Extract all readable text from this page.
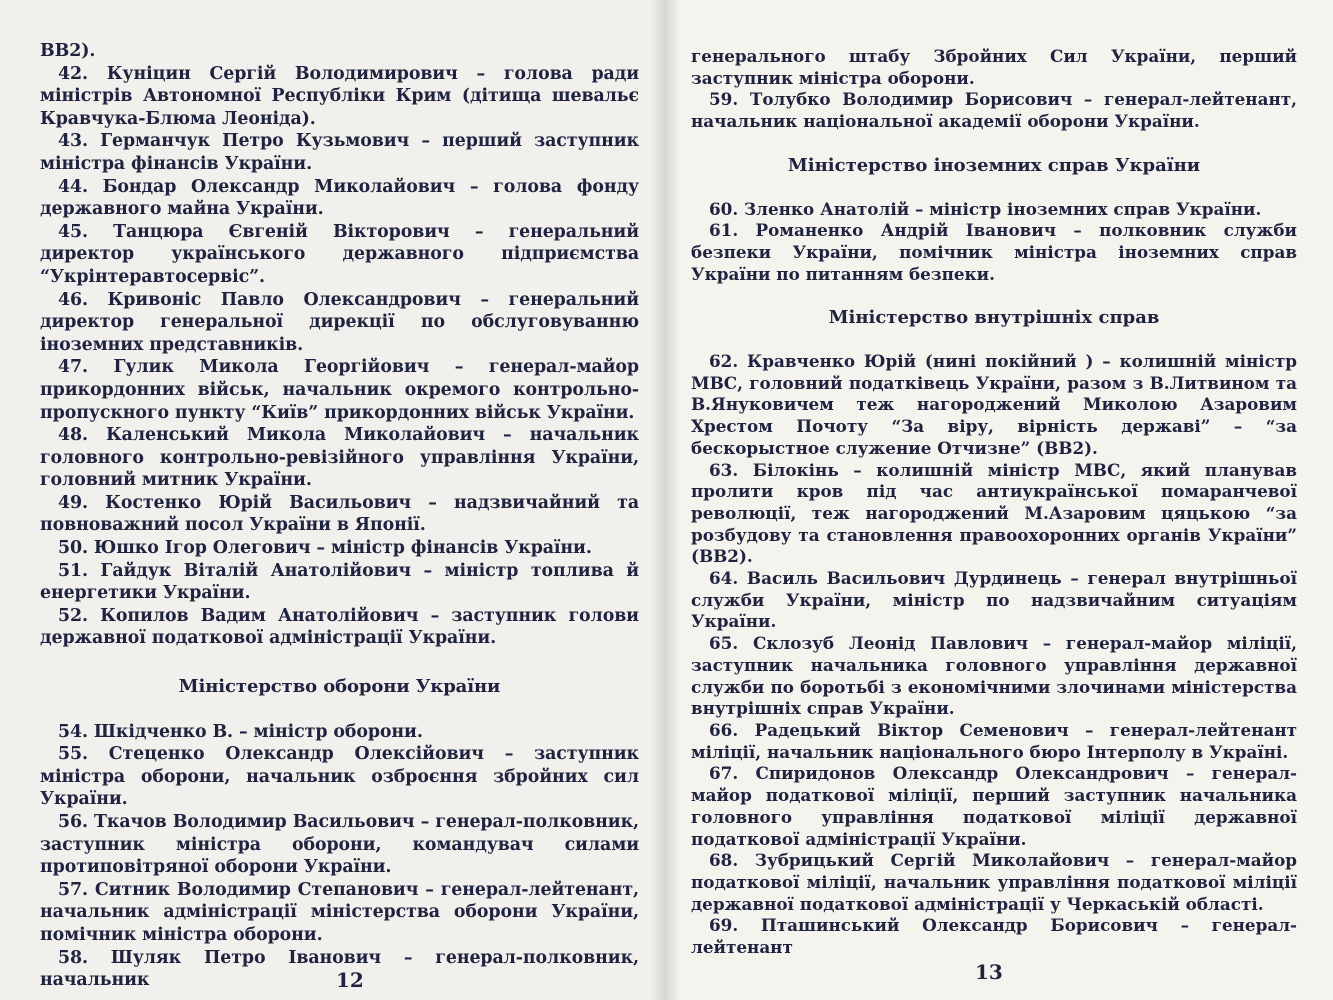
ВВ2).

42. Куніцин Сергій Володимирович – голова ради міністрів Автономної Республіки Крим (дітища шевальє Кравчука-Блюма Леоніда).

43. Германчук Петро Кузьмович – перший заступник міністра фінансів України.

44. Бондар Олександр Миколайович – голова фонду державного майна України.

45. Танцюра Євгеній Вікторович – генеральний директор українського державного підприємства “Укрінтеравтосервіс”.

46. Кривоніс Павло Олександрович – генеральний директор генеральної дирекції по обслуговуванню іноземних представників.

47. Гулик Микола Георгійович – генерал-майор прикордонних військ, начальник окремого контрольно-пропускного пункту “Київ” прикордонних військ України.

48. Каленський Микола Миколайович – начальник головного контрольно-ревізійного управління України, головний митник України.

49. Костенко Юрій Васильович – надзвичайний та повноважний посол України в Японії.

50. Юшко Ігор Олегович – міністр фінансів України.

51. Гайдук Віталій Анатолійович – міністр топлива й енергетики України.

52. Копилов Вадим Анатолійович – заступник голови державної податкової адміністрації України.

Міністерство оборони України

54. Шкідченко В. – міністр оборони.

55. Стеценко Олександр Олексійович – заступник міністра оборони, начальник озброєння збройних сил України.

56. Ткачов Володимир Васильович – генерал-полковник, заступник міністра оборони, командувач силами протиповітряної оборони України.

57. Ситник Володимир Степанович – генерал-лейтенант, начальник адміністрації міністерства оборони України, помічник міністра оборони.

58. Шуляк Петро Іванович – генерал-полковник, начальник	12

генерального штабу Збройних Сил України, перший заступник міністра оборони.

59. Толубко Володимир Борисович – генерал-лейтенант, начальник національної академії оборони України.

Міністерство іноземних справ України

60. Зленко Анатолій – міністр іноземних справ України.

61. Романенко Андрій Іванович – полковник служби безпеки України, помічник міністра іноземних справ України по питанням безпеки.

Міністерство внутрішніх справ

62. Кравченко Юрій (нині покійний ) – колишній міністр МВС, головний податківець України, разом з В.Литвином та В.Януковичем теж нагороджений Миколою Азаровим Хрестом Почоту “За віру, вірність державі” – “за бескорыстное служение Отчизне” (ВВ2).

63. Білокінь – колишній міністр МВС, який планував пролити кров під час антиукраїнської помаранчевої революції, теж нагороджений М.Азаровим цяцькою “за розбудову та становлення правоохоронних органів України” (ВВ2).

64. Василь Васильович Дурдинець – генерал внутрішньої служби України, міністр по надзвичайним ситуаціям України.

65. Склозуб Леонід Павлович – генерал-майор міліції, заступник начальника головного управління державної служби по боротьбі з економічними злочинами міністерства внутрішніх справ України.

66. Радецький Віктор Семенович – генерал-лейтенант міліції, начальник національного бюро Інтерполу в Україні.

67. Спиридонов Олександр Олександрович – генерал-майор податкової міліції, перший заступник начальника головного управління податкової міліції державної податкової адміністрації України.

68. Зубрицький Сергій Миколайович – генерал-майор податкової міліції, начальник управління податкової міліції державної податкової адміністрації у Черкаській області.

69. Пташинський Олександр Борисович – генерал-лейтенант

13
